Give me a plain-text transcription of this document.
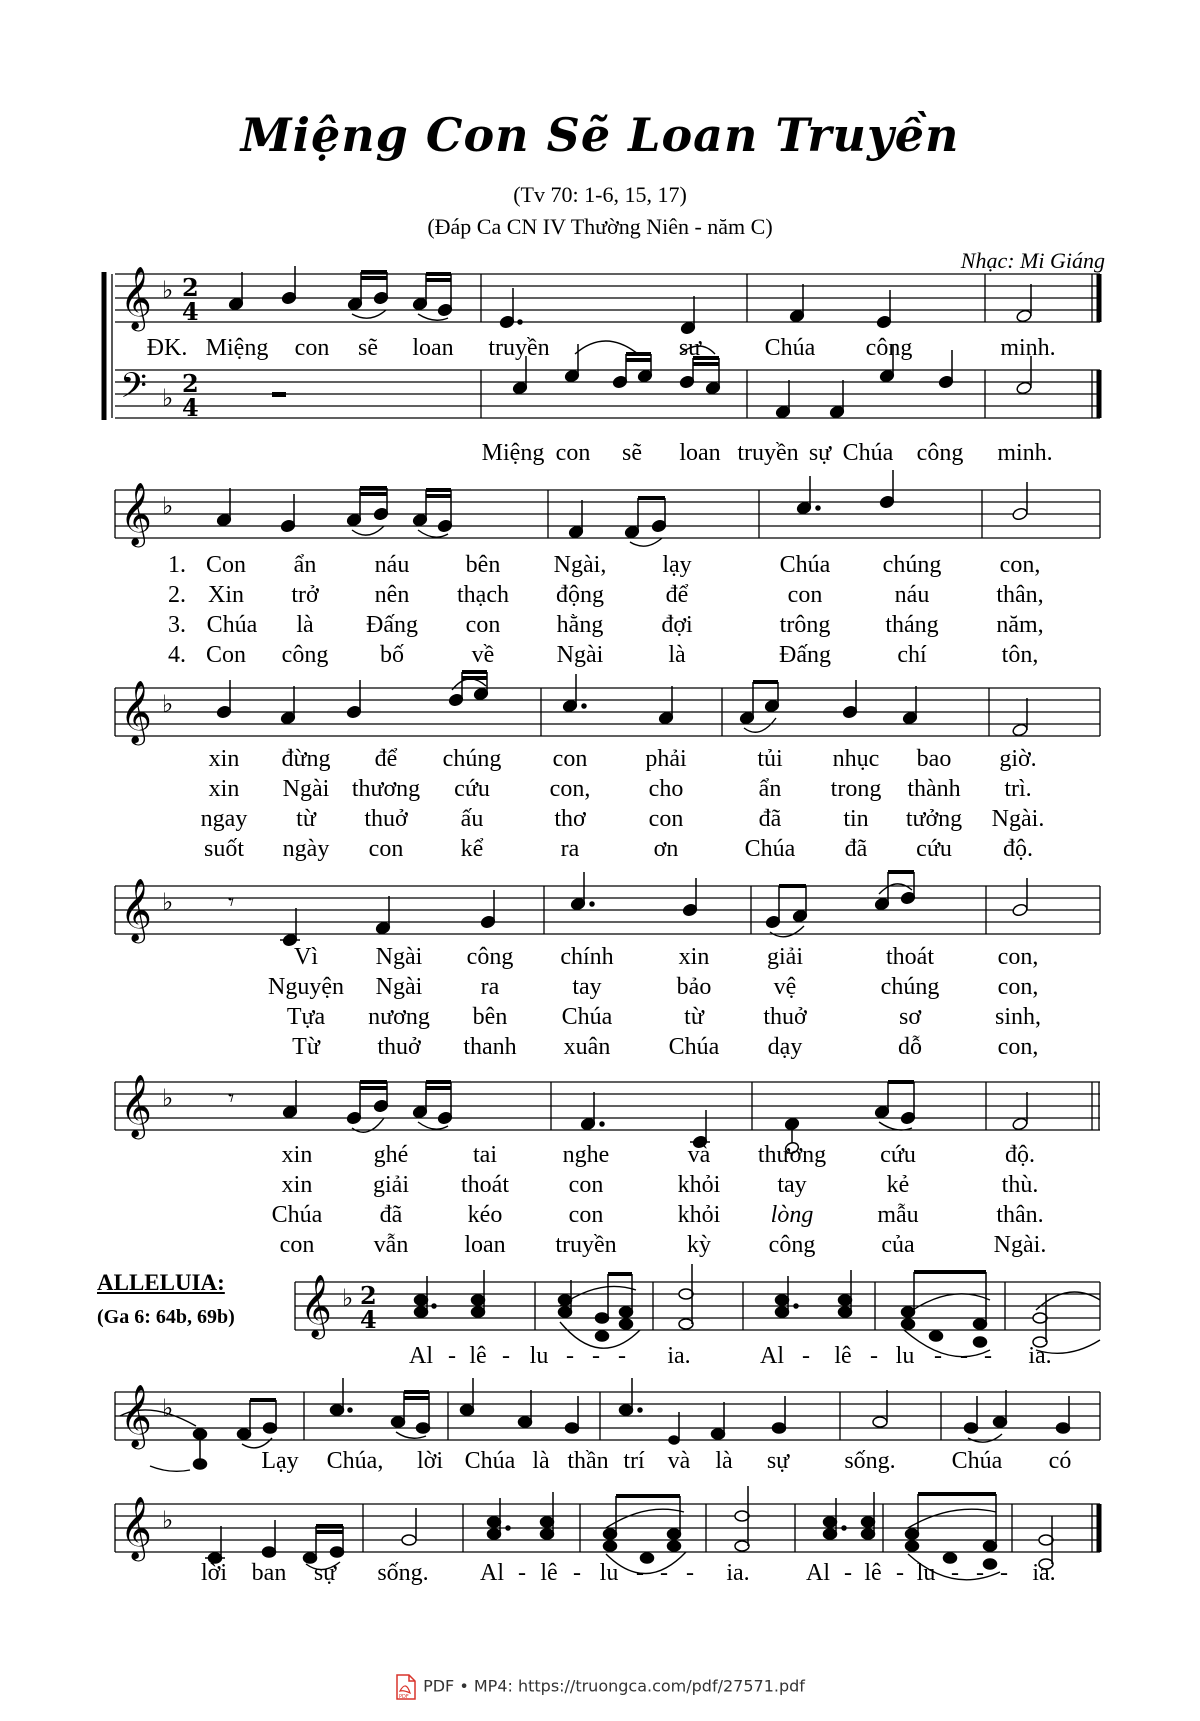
Miệng Con Sẽ Loan Truyền
(Tv 70: 1-6, 15, 17)
(Đáp Ca CN IV Thường Niên - năm C)
Nhạc: Mi Giáng
𝄞
𝄢
♭
♭
2
4
2
4
ĐK. Miệng con sẽ loan truyền	sự	Chúa công	minh.
Miệng con sẽ loan truyền sự Chúa công minh.
𝄞 ♭
1. Con ẩn náu bên Ngài, lạy	Chúa chúng con,
2. Xin trở nên thạch động	để	con	náu	thân,
3. Chúa là Đấng con hằng đợi	trông tháng năm,
4. Con công bố	về	Ngài	là	Đấng	chí	tôn,
𝄞 ♭
xin đừng để chúng con phải	tủi nhục bao giờ.
xin Ngài thương cứu con, cho	ẩn trong thành trì.
ngay từ thuở ấu	thơ	con	đã	tin tưởng Ngài.
suốt ngày con kể	ra	ơn	Chúa đã cứu độ.
𝄞 ♭ 𝄾
Vì Ngài công chính	xin giải	thoát	con,
Nguyện Ngài ra	tay	bảo	vệ	chúng con,
Tựa nương bên Chúa	từ thuở	sơ	sinh,
Từ thuở thanh xuân Chúa dạy	dỗ	con,
𝄞 ♭ 𝄾
xin	ghé	tai	nghe	và thương cứu	độ.
xin	giải thoát con	khỏi tay	kẻ	thù.
Chúa đã	kéo	con	khỏi lòng	mẫu	thân.
con vẫn loan truyền	kỳ công	của	Ngài.
ALLELUIA:
(Ga 6: 64b, 69b) 𝄞 ♭ 2
4
Al - lê - lu - - - ia.	Al - lê - lu - - - ia.
𝄞 ♭
Lạy Chúa, lời Chúa là thần trí và là sự sống. Chúa có
𝄞 ♭
lời ban sự sống. Al - lê - lu - - - ia. Al - lê - lu - - - ia.
PDF
PDF • MP4: https://truongca.com/pdf/27571.pdf
